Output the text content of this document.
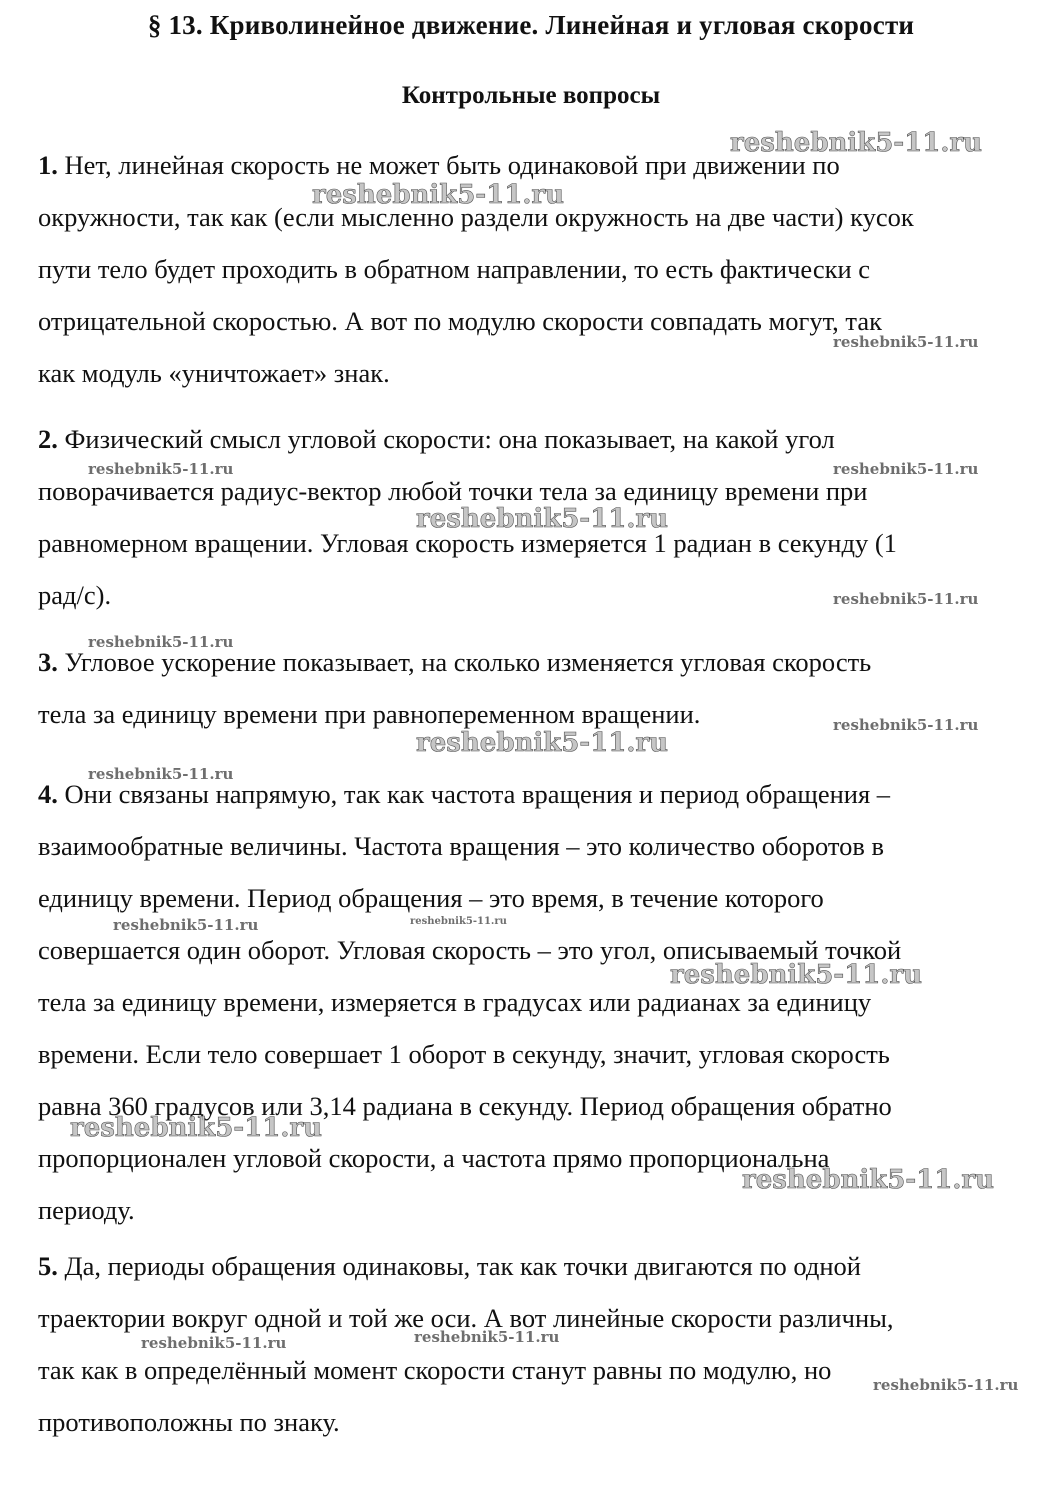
§ 13. Криволинейное движение. Линейная и угловая скорости
Контрольные вопросы
1. Нет, линейная скорость не может быть одинаковой при движении по
окружности, так как (если мысленно раздели окружность на две части) кусок
пути тело будет проходить в обратном направлении, то есть фактически с
отрицательной скоростью. А вот по модулю скорости совпадать могут, так
как модуль «уничтожает» знак.
2. Физический смысл угловой скорости: она показывает, на какой угол
поворачивается радиус-вектор любой точки тела за единицу времени при
равномерном вращении. Угловая скорость измеряется 1 радиан в секунду (1
рад/с).
3. Угловое ускорение показывает, на сколько изменяется угловая скорость
тела за единицу времени при равнопеременном вращении.
4. Они связаны напрямую, так как частота вращения и период обращения –
взаимообратные величины. Частота вращения – это количество оборотов в
единицу времени. Период обращения – это время, в течение которого
совершается один оборот. Угловая скорость – это угол, описываемый точкой
тела за единицу времени, измеряется в градусах или радианах за единицу
времени. Если тело совершает 1 оборот в секунду, значит, угловая скорость
равна 360 градусов или 3,14 радиана в секунду. Период обращения обратно
пропорционален угловой скорости, а частота прямо пропорциональна
периоду.
5. Да, периоды обращения одинаковы, так как точки двигаются по одной
траектории вокруг одной и той же оси. А вот линейные скорости различны,
так как в определённый момент скорости станут равны по модулю, но
противоположны по знаку.
reshebnik5-11.ru
reshebnik5-11.ru
reshebnik5-11.ru
reshebnik5-11.ru	reshebnik5-11.ru
reshebnik5-11.ru
reshebnik5-11.ru
reshebnik5-11.ru
reshebnik5-11.ru
reshebnik5-11.ru
reshebnik5-11.ru
reshebnik5-11.ru	reshebnik5-11.ru
reshebnik5-11.ru
reshebnik5-11.ru
reshebnik5-11.ru
reshebnik5-11.ru	reshebnik5-11.ru
reshebnik5-11.ru
